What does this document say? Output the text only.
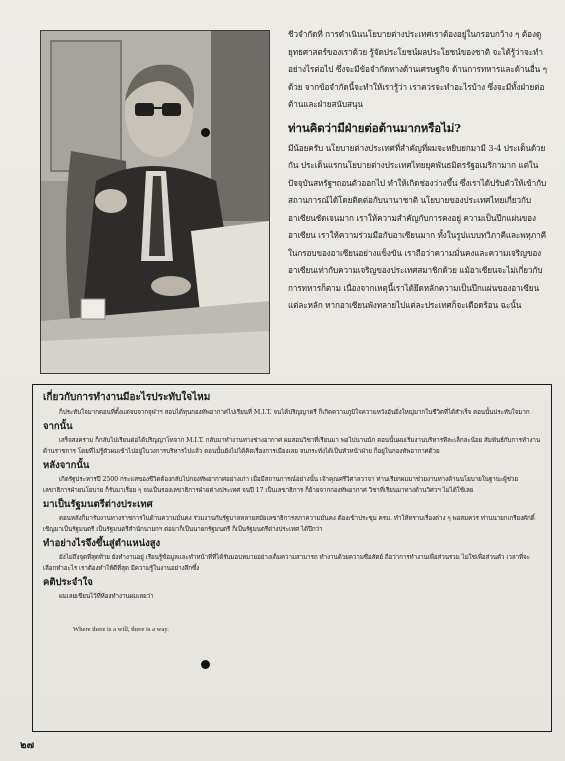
ชีวจำกัดที่ การดำเนินนโยบายต่างประเทศเราต้องอยู่ในกรอบกว้าง ๆ ต้องดูยุทธศาสตร์ของเราด้วย รู้จัดประโยชน์ผลประโยชน์ของชาติ จะได้รู้ว่าจะทำอย่างไรต่อไป ซึ่งจะมีข้อจำกัดทางด้านเศรษฐกิจ ด้านการทหารและด้านอื่น ๆ ด้วย จากข้อจำกัดนี้จะทำให้เรารู้ว่า เราควรจะทำอะไรบ้าง ซึ่งจะมีทั้งฝ่ายต่อต้านและฝ่ายสนับสนุน

ท่านคิดว่ามีฝ่ายต่อต้านมากหรือไม่?

มีน้อยครับ นโยบายต่างประเทศที่สำคัญที่ผมจะหยิบยกมามี 3-4 ประเด็นด้วยกัน ประเด็นแรกนโยบายต่างประเทศไทยยุคพันธมิตรรัฐอเมริกามาก แต่ในปัจจุบันสหรัฐฯถอนตัวออกไป ทำให้เกิดช่องว่างขึ้น ซึ่งเราได้ปรับตัวให้เข้ากับสถานการณ์ได้โดยติดต่อกับนานาชาติ นโยบายของประเทศไทยเกี่ยวกับอาเซียนชัดเจนมาก เราให้ความสำคัญกับการคงอยู่ ความเป็นปึกแผ่นของอาเซียน เราให้ความร่วมมือกับอาเซียนมาก ทั้งในรูปแบบทวิภาคีและพหุภาคีในกรอบของอาเซียนอย่างแข็งขัน เราถือว่าความมั่นคงและความเจริญของอาเซียนเท่ากับความเจริญของประเทศสมาชิกด้วย แม้อาเซียนจะไม่เกี่ยวกับการทหารก็ตาม เนื่องจากเหตุนี้เราได้ยึดหลักความเป็นปึกแผ่นของอาเซียนแต่ละหลัก หากอาเซียนพังทลายไปแต่ละประเทศก็จะเดือดร้อน ฉะนั้น

เกี่ยวกับการทำงานมีอะไรประทับใจไหม

ก็ประทับใจมากตอนที่ตั้งแต่จบจากจุฬาฯ สอบได้ทุนกองทัพอากาศไปเรียนที่ M.I.T. จนได้ปริญญาตรี ก็เกิดความภูมิใจความหวังอันยิ่งใหญ่มากในชีวิตที่ได้สำเร็จ ตอนนั้นประทับใจมาก

จากนั้น

เสร็จสงคราม ก็กลับไปเรียนต่อได้ปริญญาโทจาก M.I.T. กลับมาทำงานทางช่างอากาศ ผมสอนวิชาที่เรียนมา พอไปนานนัก ตอนนั้นผมเริ่มงานบริหารทีละเล็กละน้อย สัมพันธ์กับการทำงานด้านราชการ โดยที่ไม่รู้ตัวผมเข้าไปอยู่ในวงการบริหารไปแล้ว ตอนนั้นยังไม่ได้คิดเรื่องการเมืองเลย จนกระทั่งได้เป็นหัวหน้าฝ่าย ก็อยู่ในกองทัพอากาศด้วย

หลังจากนั้น

เกิดรัฐประหารปี 2500 กระแสของชีวิตต้องกลับไปกองทัพอากาศอย่างเก่า เมื่อมีสถานการณ์อย่างนั้น เจ้าคุณศรีวิศาลวาจา ท่านเรียกผมมาช่วยงานทางด้านนโยบายในฐานะผู้ช่วยเลขาธิการฝ่ายนโยบาย ก็รับมาเรื่อย ๆ จนเป็นรองเลขาธิการฝ่ายต่างประเทศ จนปี 17 เป็นเลขาธิการ ก็ย้ายจากกองทัพอากาศ วิชาที่เรียนมาทางด้านวิศวฯ ไม่ได้ใช้เลย

มาเป็นรัฐมนตรีต่างประเทศ

ตอนหลังก็มารับงานทางราชการในด้านความมั่นคง ร่วมงานกับรัฐบาลหลายสมัยเลขาธิการสภาความมั่นคง ต้องเข้าประชุม ครม. ทำให้ทราบเรื่องต่าง ๆ พอสมควร ท่านนายกเกรียงศักดิ์ เชิญมาเป็นรัฐมนตรี เป็นรัฐมนตรีสำนักนายกฯ ต่อมาก็เป็นนายกรัฐมนตรี ก็เป็นรัฐมนตรีต่างประเทศ ได้ปีกว่า

ทำอย่างไรจึงขึ้นสู่ตำแหน่งสูง

ยังไม่ถึงจุดที่สุดท้าย ยังทำงานอยู่ เรียนรู้ข้อมูลและทำหน้าที่ที่ได้รับมอบหมายอย่างเต็มความสามารถ ทำงานด้วยความซื่อสัตย์ ถือว่าการทำงานเพื่อส่วนรวม ไม่ใช่เพื่อส่วนตัว เวลาที่จะเลือกทำอะไร เราต้องทำให้ดีที่สุด มีความรู้ในงานอย่างลึกซึ้ง

คติประจำใจ

ผมเลยเขียนไว้ที่ห้องทำงานผมเลยว่า

Where there is a will, there is a way.

๒๗
